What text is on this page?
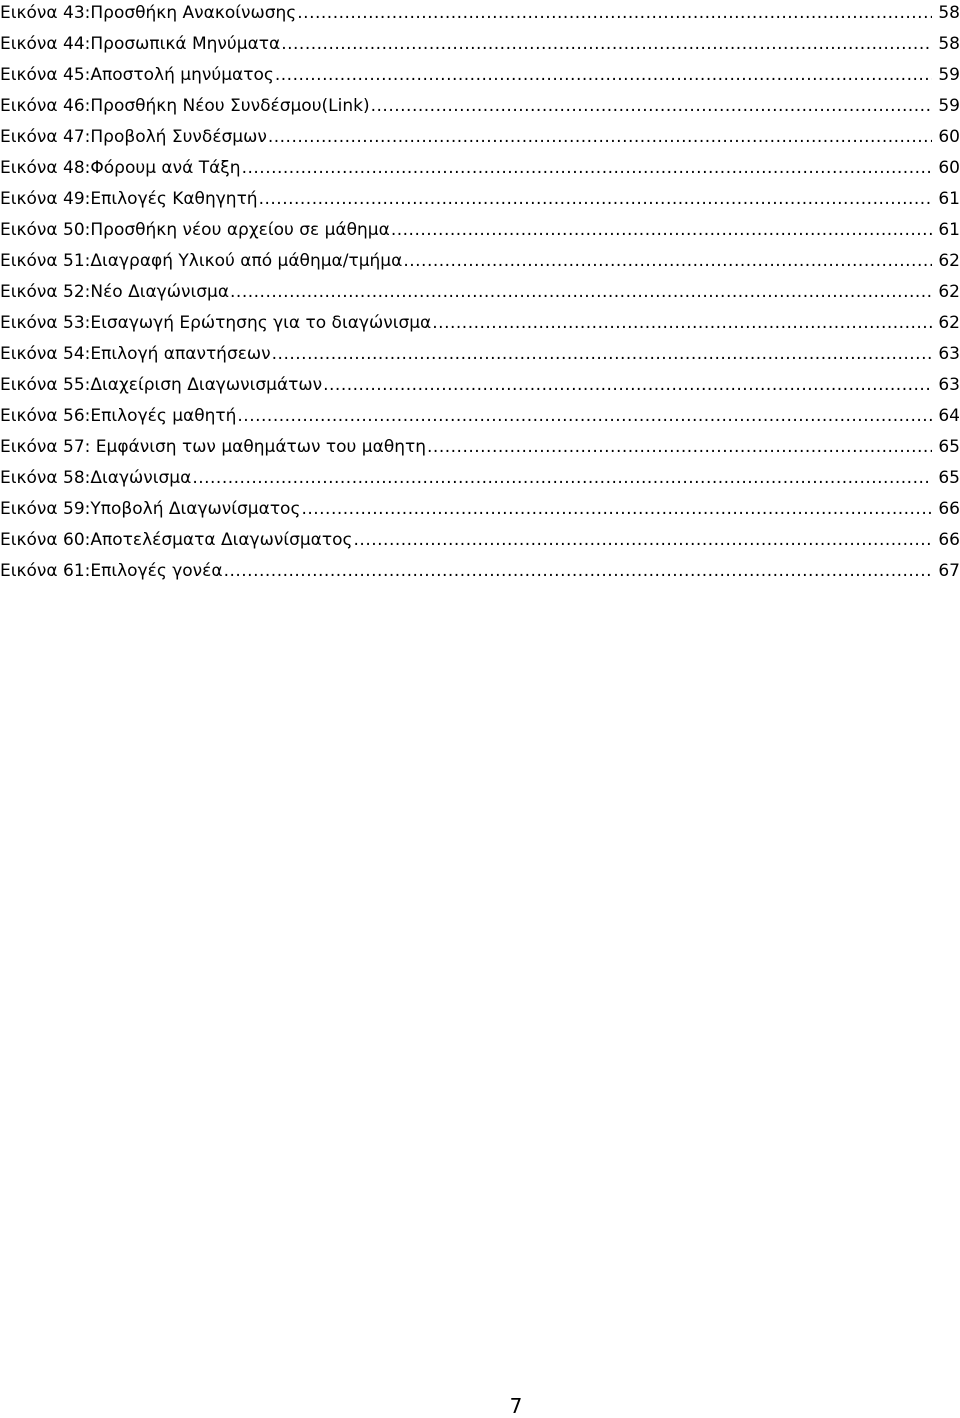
Εικόνα 43:Προσθήκη Ανακοίνωσης .....	58
Εικόνα 44:Προσωπικά Μηνύματα .....	58
Εικόνα 45:Αποστολή μηνύματος .....	59
Εικόνα 46:Προσθήκη Νέου Συνδέσμου(Link) .....	59
Εικόνα 47:Προβολή Συνδέσμων .....	60
Εικόνα 48:Φόρουμ ανά Τάξη .....	60
Εικόνα 49:Επιλογές Καθηγητή .....	61
Εικόνα 50:Προσθήκη νέου αρχείου σε μάθημα .....	61
Εικόνα 51:Διαγραφή Υλικού από μάθημα/τμήμα .....	62
Εικόνα 52:Νέο Διαγώνισμα .....	62
Εικόνα 53:Εισαγωγή Ερώτησης για το διαγώνισμα .....	62
Εικόνα 54:Επιλογή απαντήσεων .....	63
Εικόνα 55:Διαχείριση Διαγωνισμάτων .....	63
Εικόνα 56:Επιλογές μαθητή .....	64
Εικόνα 57: Εμφάνιση των μαθημάτων του μαθητη .....	65
Εικόνα 58:Διαγώνισμα .....	65
Εικόνα 59:Υποβολή Διαγωνίσματος .....	66
Εικόνα 60:Αποτελέσματα Διαγωνίσματος .....	66
Εικόνα 61:Επιλογές γονέα .....	67
7
